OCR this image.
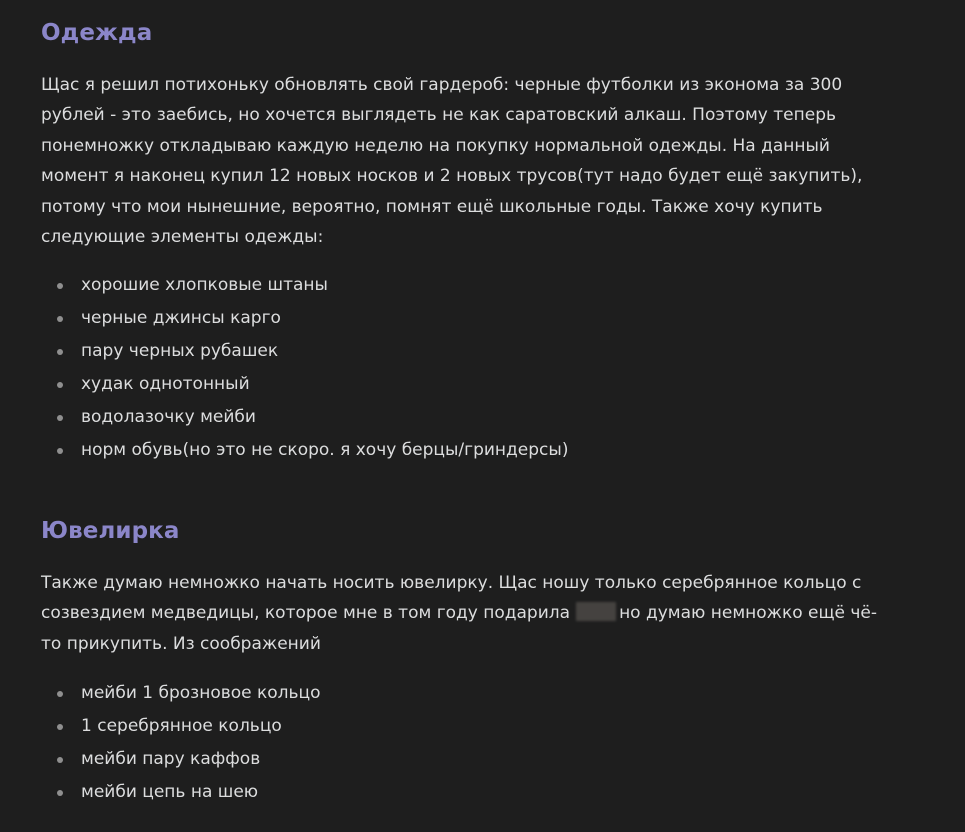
Одежда
Щас я решил потихоньку обновлять свой гардероб: черные футболки из эконома за 300
рублей - это заебись, но хочется выглядеть не как саратовский алкаш. Поэтому теперь
понемножку откладываю каждую неделю на покупку нормальной одежды. На данный
момент я наконец купил 12 новых носков и 2 новых трусов(тут надо будет ещё закупить),
потому что мои нынешние, вероятно, помнят ещё школьные годы. Также хочу купить
следующие элементы одежды:
хорошие хлопковые штаны
черные джинсы карго
пару черных рубашек
худак однотонный
водолазочку мейби
норм обувь(но это не скоро. я хочу берцы/гриндерсы)
Ювелирка
Также думаю немножко начать носить ювелирку. Щас ношу только серебрянное кольцо с
созвездием медведицы, которое мне в том году подарила	но думаю немножко ещё чё-
то прикупить. Из соображений
мейби 1 брозновое кольцо
1 серебрянное кольцо
мейби пару каффов
мейби цепь на шею
